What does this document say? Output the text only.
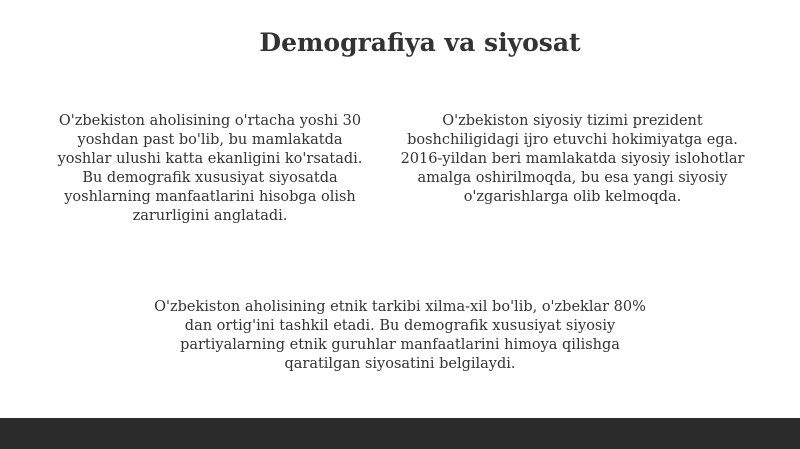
Demografiya va siyosat

O'zbekiston aholisining o'rtacha yoshi 30 yoshdan past bo'lib, bu mamlakatda yoshlar ulushi katta ekanligini ko'rsatadi. Bu demografik xususiyat siyosatda yoshlarning manfaatlarini hisobga olish zarurligini anglatadi.

O'zbekiston siyosiy tizimi prezident boshchiligidagi ijro etuvchi hokimiyatga ega. 2016-yildan beri mamlakatda siyosiy islohotlar amalga oshirilmoqda, bu esa yangi siyosiy o'zgarishlarga olib kelmoqda.

O'zbekiston aholisining etnik tarkibi xilma-xil bo'lib, o'zbeklar 80% dan ortig'ini tashkil etadi. Bu demografik xususiyat siyosiy partiyalarning etnik guruhlar manfaatlarini himoya qilishga qaratilgan siyosatini belgilaydi.
